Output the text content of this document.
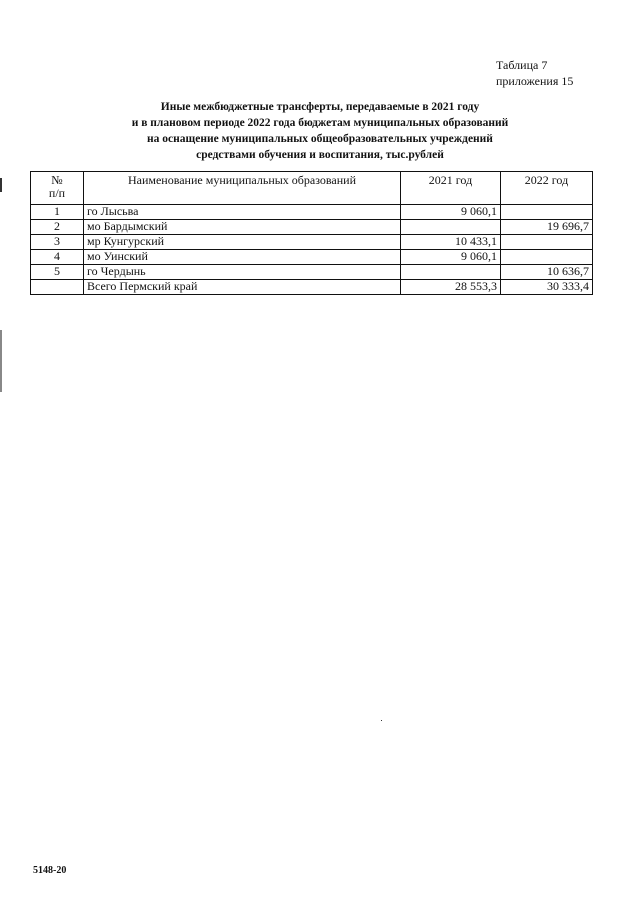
Таблица 7
приложения 15
Иные межбюджетные трансферты, передаваемые в 2021 году
и в плановом периоде 2022 года бюджетам муниципальных образований
на оснащение муниципальных общеобразовательных учреждений
средствами обучения и воспитания, тыс.рублей
№
п/п	Наименование муниципальных образований	2021 год	2022 год
1	го Лысьва	9 060,1	
2	мо Бардымский		19 696,7
3	мр Кунгурский	10 433,1	
4	мо Уинский	9 060,1	
5	го Чердынь		10 636,7
	Всего Пермский край	28 553,3	30 333,4
5148-20
